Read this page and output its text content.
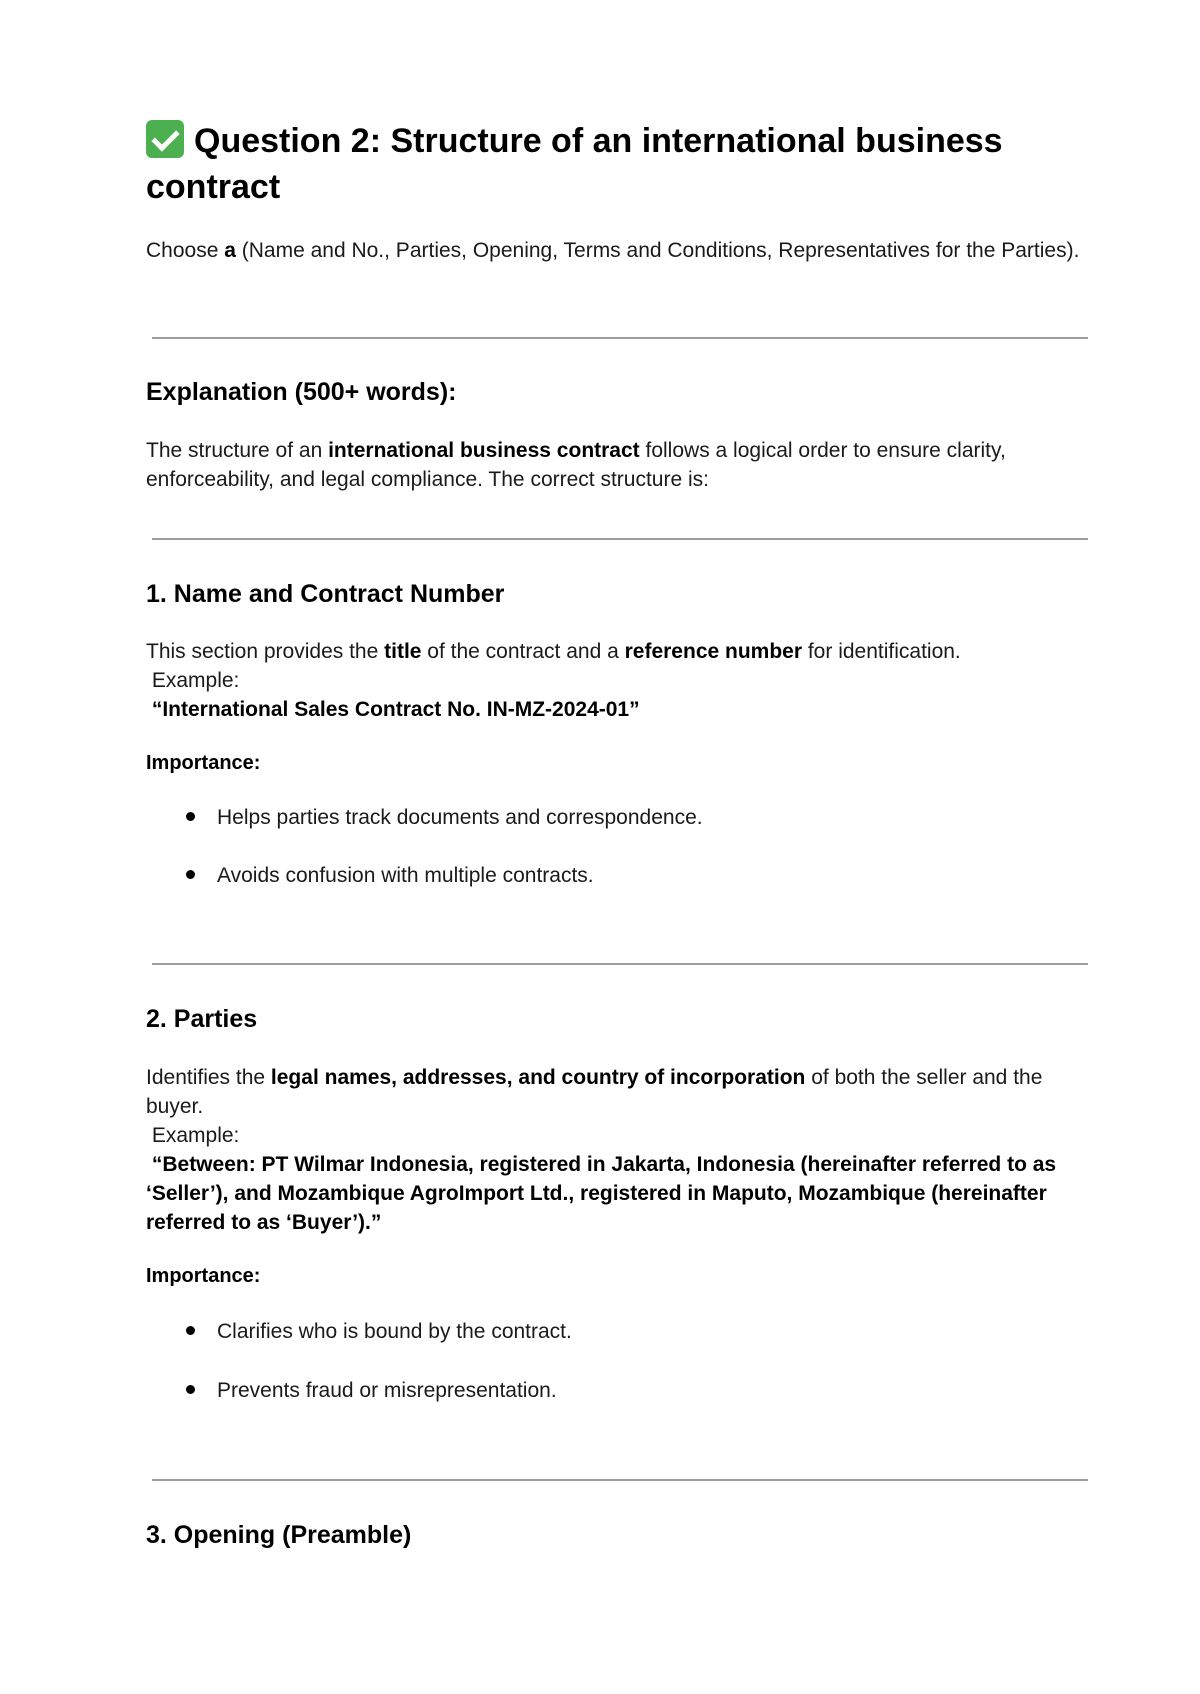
Question 2: Structure of an international business contract

Choose a (Name and No., Parties, Opening, Terms and Conditions, Representatives for the Parties).

Explanation (500+ words):

The structure of an international business contract follows a logical order to ensure clarity, enforceability, and legal compliance. The correct structure is:

1. Name and Contract Number

This section provides the title of the contract and a reference number for identification.
Example:
“International Sales Contract No. IN-MZ-2024-01”

Importance:

Helps parties track documents and correspondence.
Avoids confusion with multiple contracts.
2. Parties

Identifies the legal names, addresses, and country of incorporation of both the seller and the buyer.
Example:
“Between: PT Wilmar Indonesia, registered in Jakarta, Indonesia (hereinafter referred to as ‘Seller’), and Mozambique AgroImport Ltd., registered in Maputo, Mozambique (hereinafter referred to as ‘Buyer’).”

Importance:

Clarifies who is bound by the contract.
Prevents fraud or misrepresentation.
3. Opening (Preamble)
